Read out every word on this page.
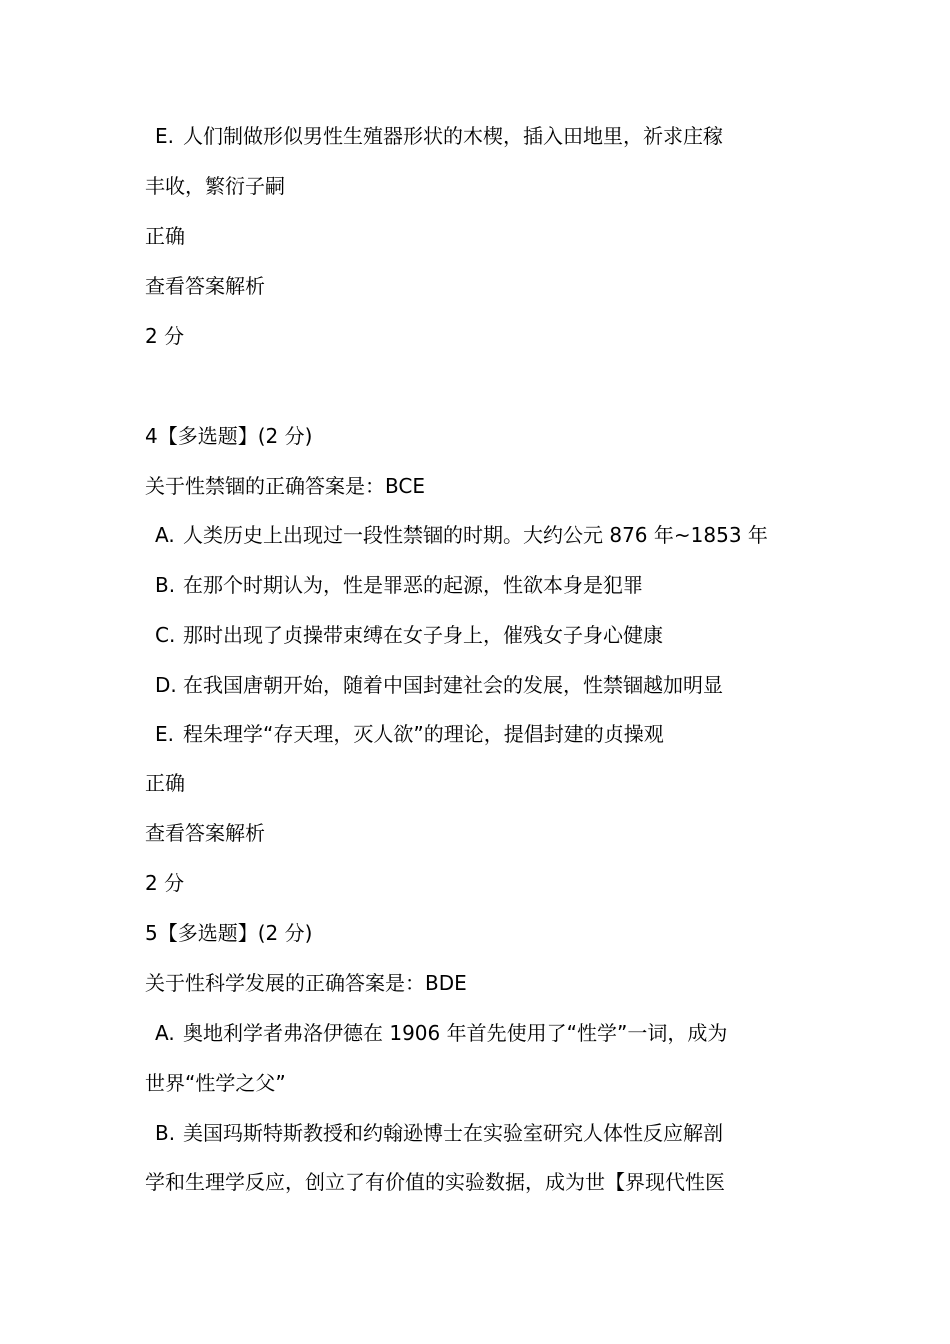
E. 人们制做形似男性生殖器形状的木楔，插入田地里，祈求庄稼
丰收，繁衍子嗣
正确
查看答案解析
2 分
4【多选题】(2 分)
关于性禁锢的正确答案是：BCE
A. 人类历史上出现过一段性禁锢的时期。大约公元 876 年~1853 年
B. 在那个时期认为，性是罪恶的起源，性欲本身是犯罪
C. 那时出现了贞操带束缚在女子身上，催残女子身心健康
D. 在我国唐朝开始，随着中国封建社会的发展，性禁锢越加明显
E. 程朱理学“存天理，灭人欲”的理论，提倡封建的贞操观
正确
查看答案解析
2 分
5【多选题】(2 分)
关于性科学发展的正确答案是：BDE
A. 奥地利学者弗洛伊德在 1906 年首先使用了“性学”一词，成为
世界“性学之父”
B. 美国玛斯特斯教授和约翰逊博士在实验室研究人体性反应解剖
学和生理学反应，创立了有价值的实验数据，成为世【界现代性医
